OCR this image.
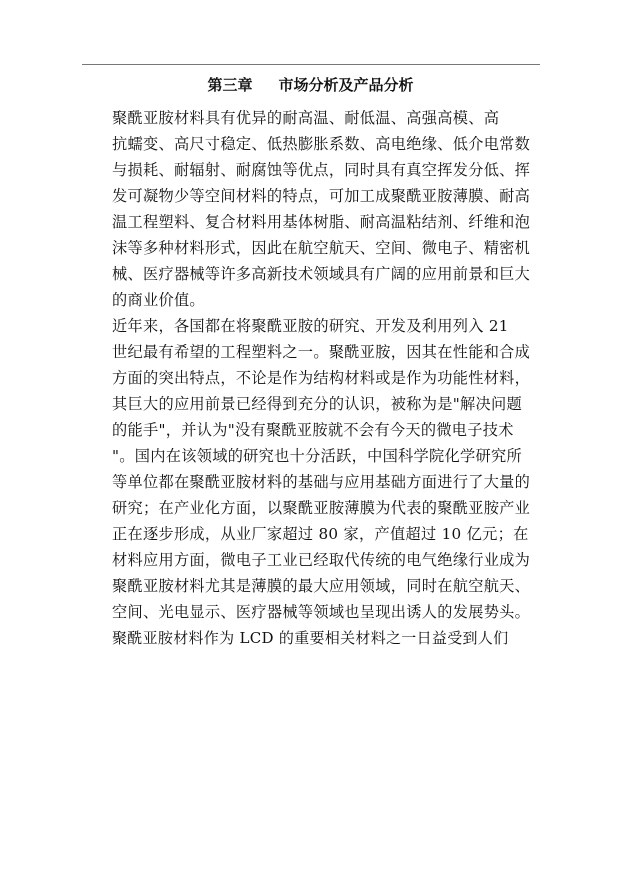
第三章 市场分析及产品分析

聚酰亚胺材料具有优异的耐高温、耐低温、高强高模、高
抗蠕变、高尺寸稳定、低热膨胀系数、高电绝缘、低介电常数
与损耗、耐辐射、耐腐蚀等优点，同时具有真空挥发分低、挥
发可凝物少等空间材料的特点，可加工成聚酰亚胺薄膜、耐高
温工程塑料、复合材料用基体树脂、耐高温粘结剂、纤维和泡
沫等多种材料形式，因此在航空航天、空间、微电子、精密机
械、医疗器械等许多高新技术领域具有广阔的应用前景和巨大
的商业价值。

近年来，各国都在将聚酰亚胺的研究、开发及利用列入 21
世纪最有希望的工程塑料之一。聚酰亚胺，因其在性能和合成
方面的突出特点，不论是作为结构材料或是作为功能性材料，
其巨大的应用前景已经得到充分的认识，被称为是"解决问题
的能手"，并认为"没有聚酰亚胺就不会有今天的微电子技术
"。国内在该领域的研究也十分活跃，中国科学院化学研究所
等单位都在聚酰亚胺材料的基础与应用基础方面进行了大量的
研究；在产业化方面，以聚酰亚胺薄膜为代表的聚酰亚胺产业
正在逐步形成，从业厂家超过 80 家，产值超过 10 亿元；在
材料应用方面，微电子工业已经取代传统的电气绝缘行业成为
聚酰亚胺材料尤其是薄膜的最大应用领域，同时在航空航天、
空间、光电显示、医疗器械等领域也呈现出诱人的发展势头。

聚酰亚胺材料作为 LCD 的重要相关材料之一日益受到人们
